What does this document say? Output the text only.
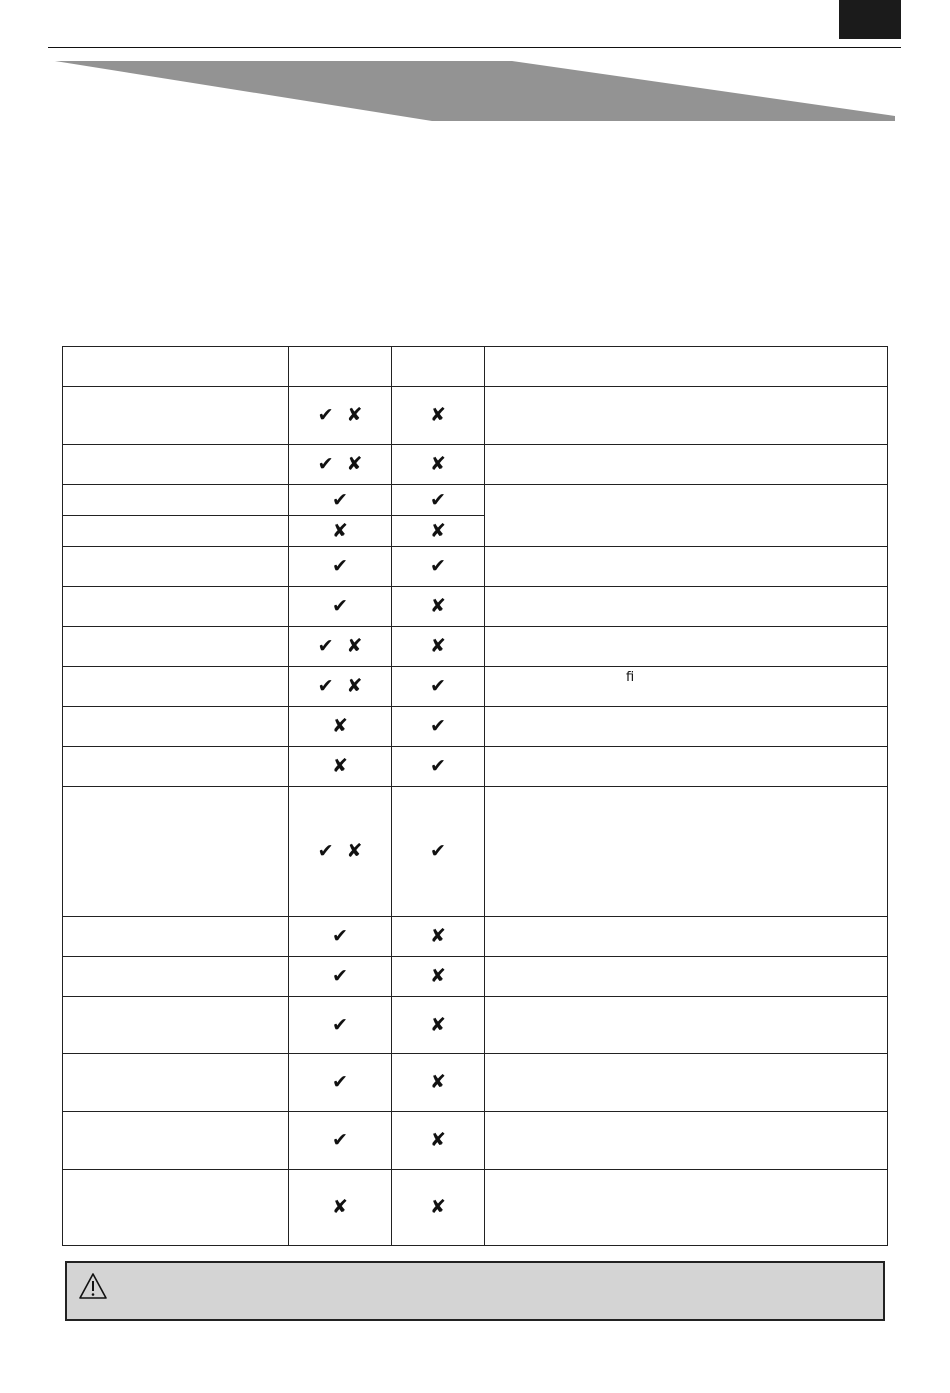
	✔ ✘	✘	
	✔ ✘	✘	
	✔	✔	
	✘	✘	
	✔	✔	
	✔	✘	
	✔ ✘	✘	
	✔ ✘	✔	ﬁ

	✘	✔	
	✘	✔	
	✔ ✘	✔	
	✔	✘	
	✔	✘	
	✔	✘	
	✔	✘	
	✔	✘	
	✘	✘	
